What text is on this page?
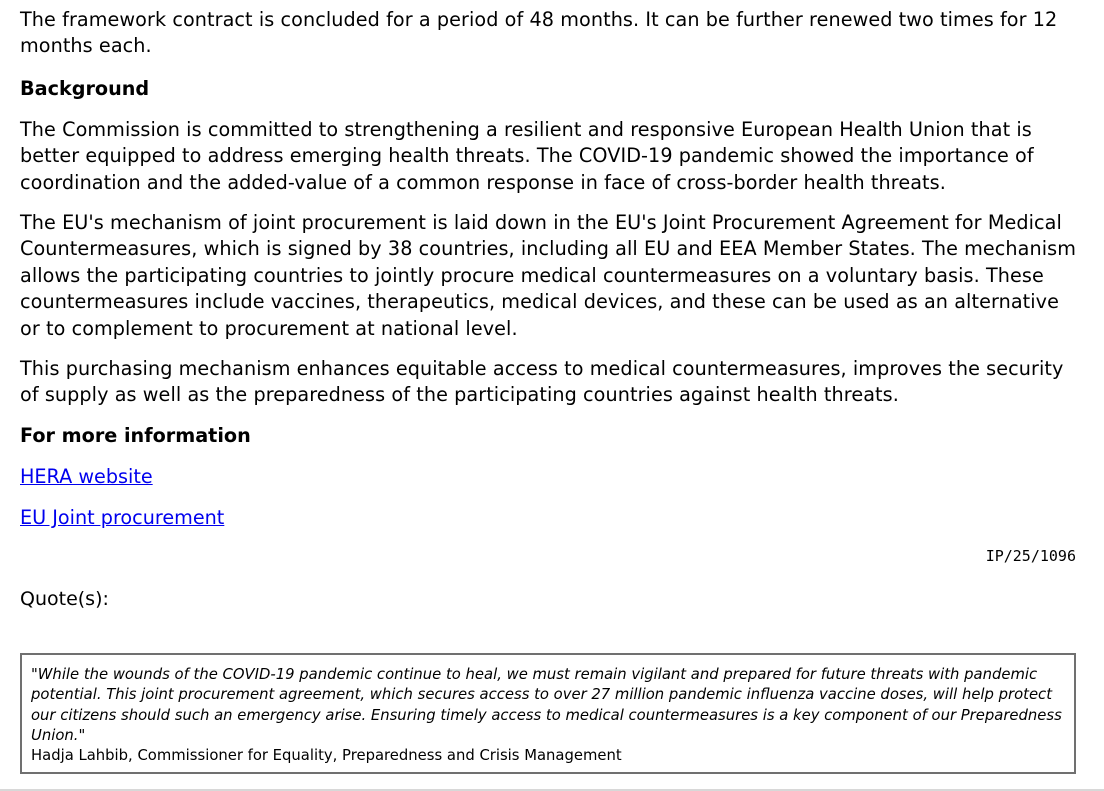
The framework contract is concluded for a period of 48 months. It can be further renewed two times for 12 months each.

Background

The Commission is committed to strengthening a resilient and responsive European Health Union that is better equipped to address emerging health threats. The COVID-19 pandemic showed the importance of coordination and the added-value of a common response in face of cross-border health threats.

The EU's mechanism of joint procurement is laid down in the EU's Joint Procurement Agreement for Medical Countermeasures, which is signed by 38 countries, including all EU and EEA Member States. The mechanism allows the participating countries to jointly procure medical countermeasures on a voluntary basis. These countermeasures include vaccines, therapeutics, medical devices, and these can be used as an alternative or to complement to procurement at national level.

This purchasing mechanism enhances equitable access to medical countermeasures, improves the security of supply as well as the preparedness of the participating countries against health threats.

For more information
HERA website
EU Joint procurement
IP/25/1096
Quote(s):

"While the wounds of the COVID-19 pandemic continue to heal, we must remain vigilant and prepared for future threats with pandemic potential. This joint procurement agreement, which secures access to over 27 million pandemic influenza vaccine doses, will help protect our citizens should such an emergency arise. Ensuring timely access to medical countermeasures is a key component of our Preparedness Union."

Hadja Lahbib, Commissioner for Equality, Preparedness and Crisis Management
